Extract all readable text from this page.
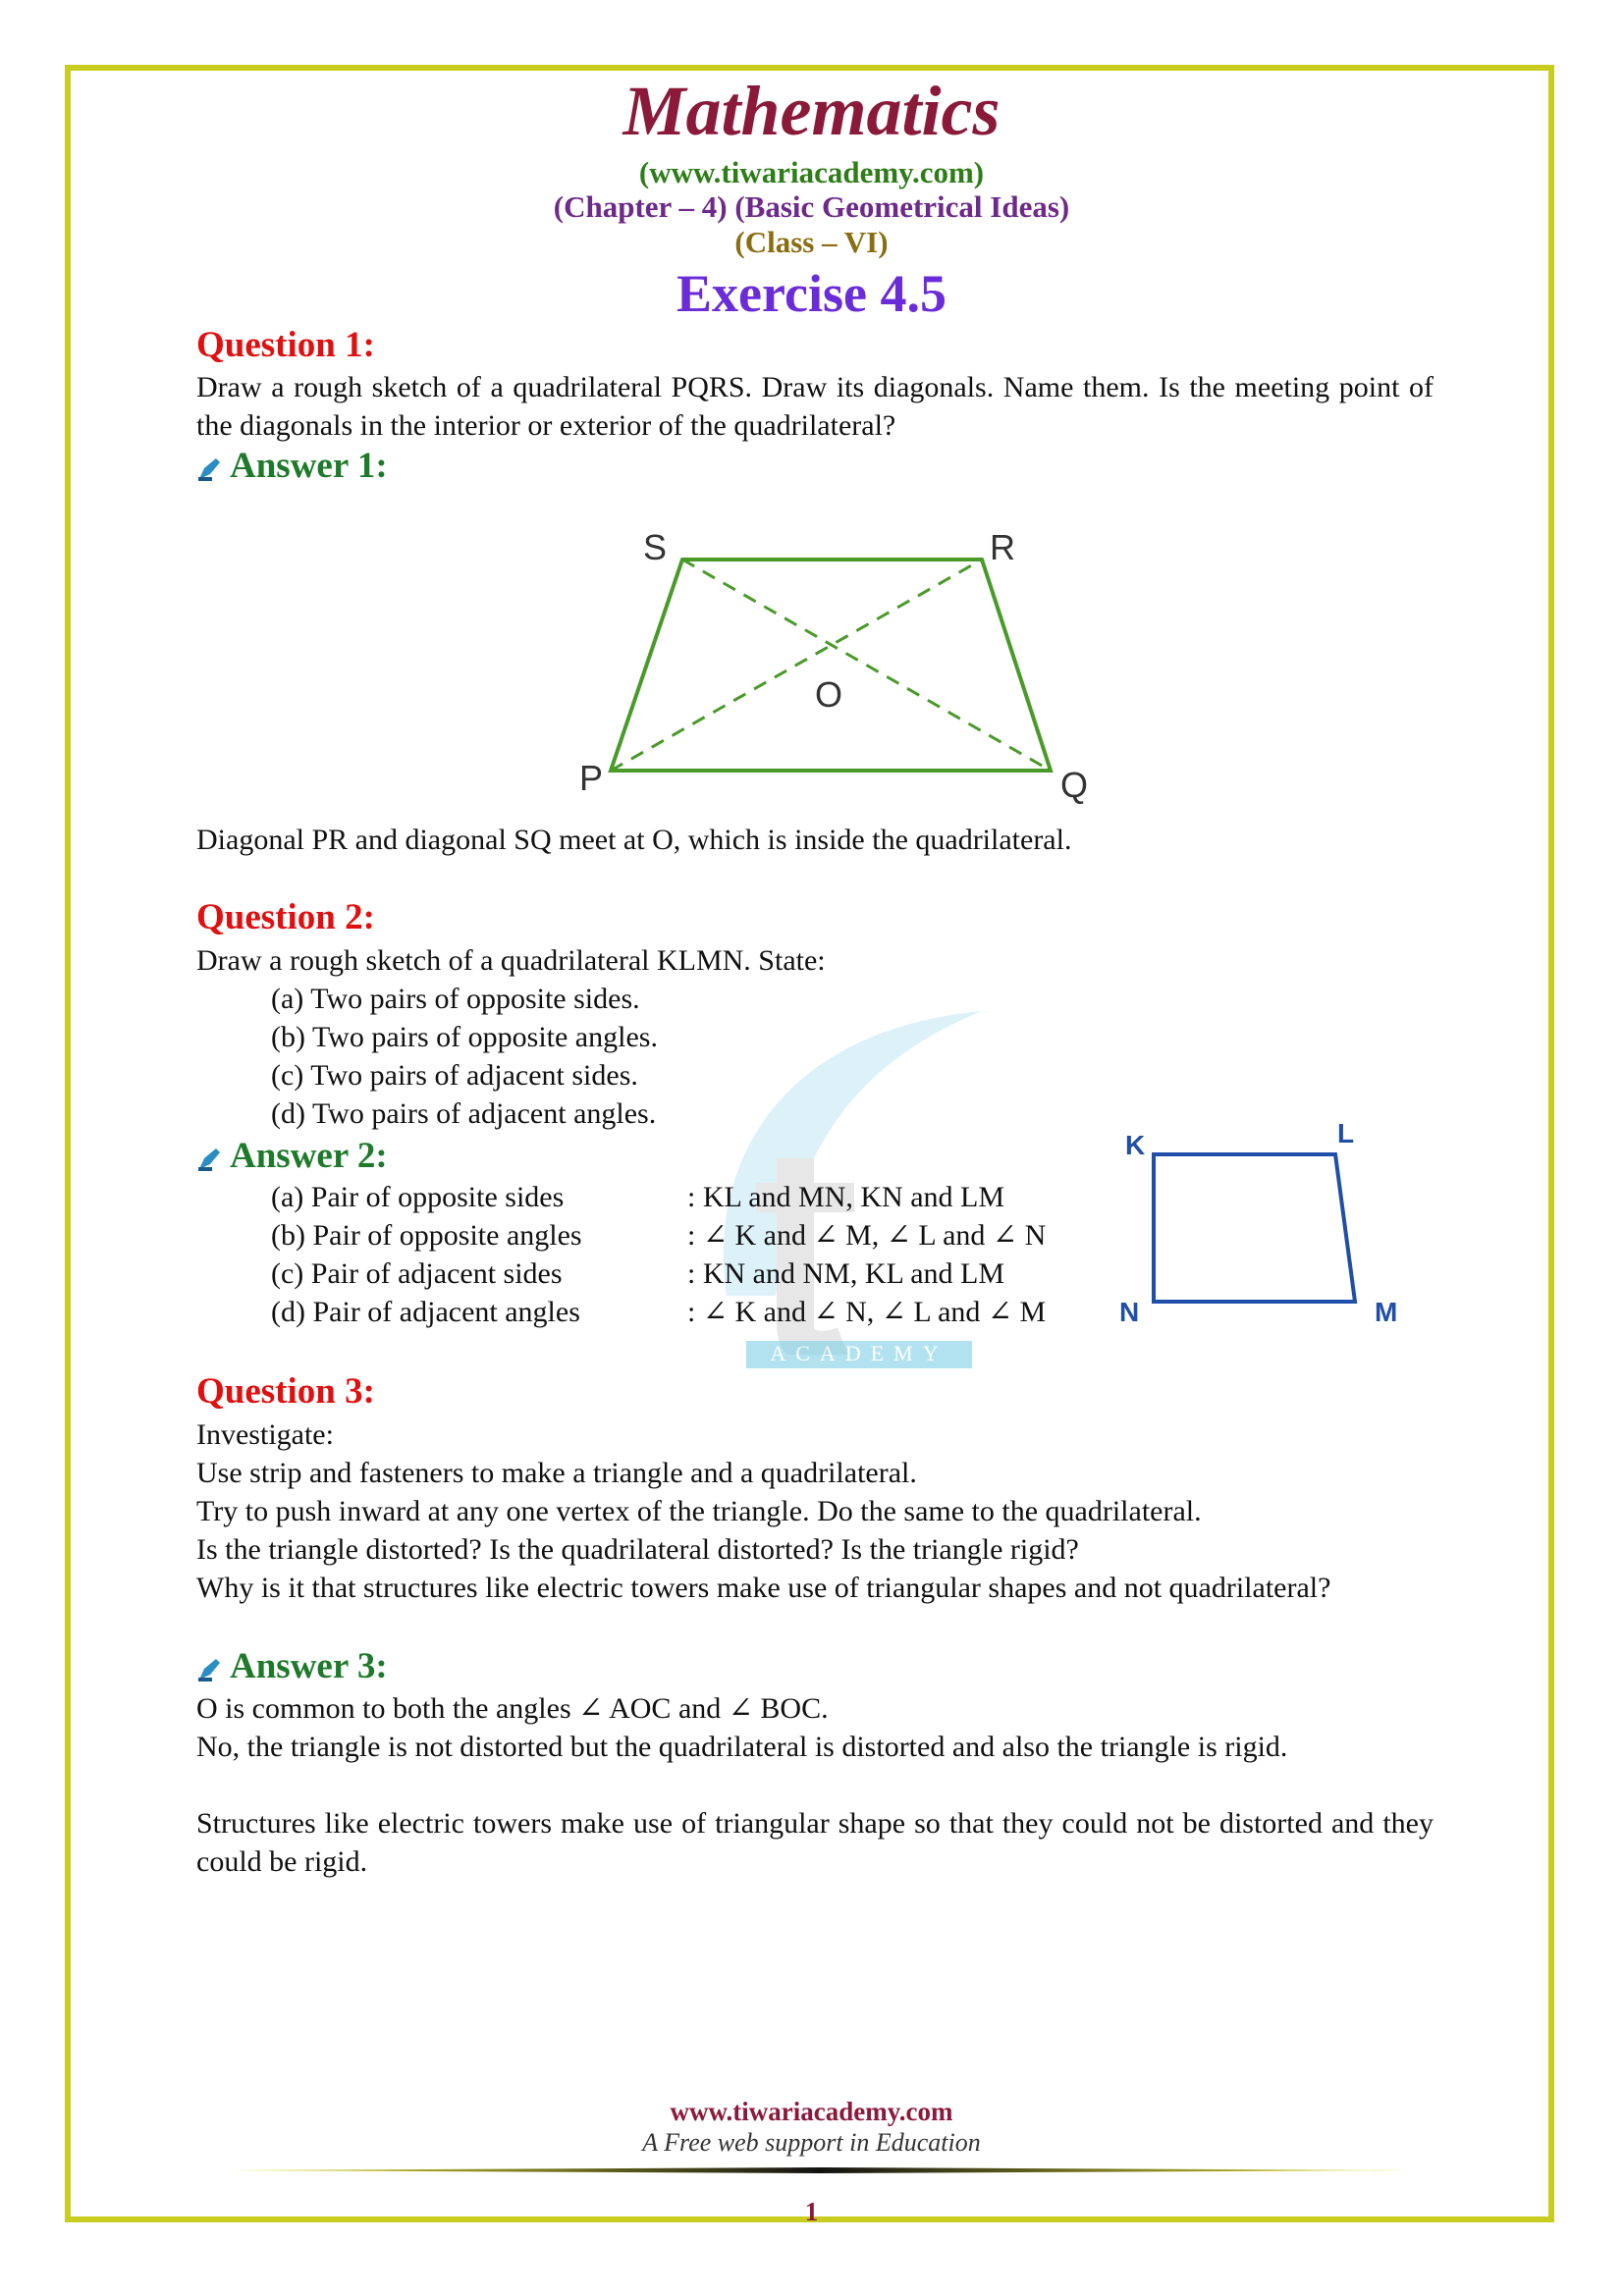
Mathematics
(www.tiwariacademy.com)
(Chapter – 4) (Basic Geometrical Ideas)
(Class – VI)
Exercise 4.5
ACADEMY
Question 1:
Draw a rough sketch of a quadrilateral PQRS. Draw its diagonals. Name them. Is the meeting point of the diagonals in the interior or exterior of the quadrilateral?
Answer 1:
S	R
O
P	Q
Diagonal PR and diagonal SQ meet at O, which is inside the quadrilateral.
Question 2:
Draw a rough sketch of a quadrilateral KLMN. State:
(a) Two pairs of opposite sides.
(b) Two pairs of opposite angles.
(c) Two pairs of adjacent sides.
(d) Two pairs of adjacent angles.
Answer 2:
(a) Pair of opposite sides	: KL and MN, KN and LM
(b) Pair of opposite angles	: ∠ K and ∠ M, ∠ L and ∠ N
(c) Pair of adjacent sides	: KN and NM, KL and LM
(d) Pair of adjacent angles	: ∠ K and ∠ N, ∠ L and ∠ M
K	L
N	M
Question 3:
Investigate:
Use strip and fasteners to make a triangle and a quadrilateral.
Try to push inward at any one vertex of the triangle. Do the same to the quadrilateral.
Is the triangle distorted? Is the quadrilateral distorted? Is the triangle rigid?
Why is it that structures like electric towers make use of triangular shapes and not quadrilateral?
Answer 3:
O is common to both the angles ∠ AOC and ∠ BOC.
No, the triangle is not distorted but the quadrilateral is distorted and also the triangle is rigid.
Structures like electric towers make use of triangular shape so that they could not be distorted and they could be rigid.
www.tiwariacademy.com
A Free web support in Education
1
